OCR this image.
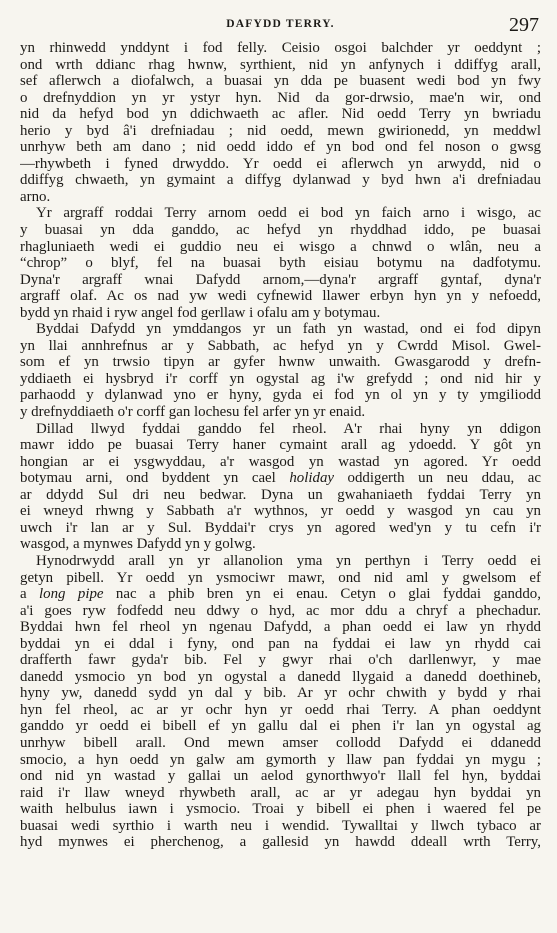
DAFYDD TERRY.	297
yn rhinwedd ynddynt i fod felly. Ceisio osgoi balchder yr oeddynt ;
ond wrth ddianc rhag hwnw, syrthient, nid yn anfynych i ddiffyg arall,
sef aflerwch a diofalwch, a buasai yn dda pe buasent wedi bod yn fwy
o drefnyddion yn yr ystyr hyn. Nid da gor-drwsio, mae'n wir, ond
nid da hefyd bod yn ddichwaeth ac afler. Nid oedd Terry yn bwriadu
herio y byd â'i drefniadau ; nid oedd, mewn gwirionedd, yn meddwl
unrhyw beth am dano ; nid oedd iddo ef yn bod ond fel noson o gwsg
—rhywbeth i fyned drwyddo. Yr oedd ei aflerwch yn arwydd, nid o
ddiffyg chwaeth, yn gymaint a diffyg dylanwad y byd hwn a'i drefniadau
arno.
Yr argraff roddai Terry arnom oedd ei bod yn faich arno i wisgo, ac
y buasai yn dda ganddo, ac hefyd yn rhyddhad iddo, pe buasai
rhagluniaeth wedi ei guddio neu ei wisgo a chnwd o wlân, neu a
“chrop” o blyf, fel na buasai byth eisiau botymu na dadfotymu.
Dyna'r argraff wnai Dafydd arnom,—dyna'r argraff gyntaf, dyna'r
argraff olaf. Ac os nad yw wedi cyfnewid llawer erbyn hyn yn y nefoedd,
bydd yn rhaid i ryw angel fod gerllaw i ofalu am y botymau.
Byddai Dafydd yn ymddangos yr un fath yn wastad, ond ei fod dipyn
yn llai annhrefnus ar y Sabbath, ac hefyd yn y Cwrdd Misol. Gwel-
som ef yn trwsio tipyn ar gyfer hwnw unwaith. Gwasgarodd y drefn-
yddiaeth ei hysbryd i'r corff yn ogystal ag i'w grefydd ; ond nid hir y
parhaodd y dylanwad yno er hyny, gyda ei fod yn ol yn y ty ymgiliodd
y drefnyddiaeth o'r corff gan lochesu fel arfer yn yr enaid.
Dillad llwyd fyddai ganddo fel rheol. A'r rhai hyny yn ddigon
mawr iddo pe buasai Terry haner cymaint arall ag ydoedd. Y gôt yn
hongian ar ei ysgwyddau, a'r wasgod yn wastad yn agored. Yr oedd
botymau arni, ond byddent yn cael holiday oddigerth un neu ddau, ac
ar ddydd Sul dri neu bedwar. Dyna un gwahaniaeth fyddai Terry yn
ei wneyd rhwng y Sabbath a'r wythnos, yr oedd y wasgod yn cau yn
uwch i'r lan ar y Sul. Byddai'r crys yn agored wed'yn y tu cefn i'r
wasgod, a mynwes Dafydd yn y golwg.
Hynodrwydd arall yn yr allanolion yma yn perthyn i Terry oedd ei
getyn pibell. Yr oedd yn ysmociwr mawr, ond nid aml y gwelsom ef
a long pipe nac a phib bren yn ei enau. Cetyn o glai fyddai ganddo,
a'i goes ryw fodfedd neu ddwy o hyd, ac mor ddu a chryf a phechadur.
Byddai hwn fel rheol yn ngenau Dafydd, a phan oedd ei law yn rhydd
byddai yn ei ddal i fyny, ond pan na fyddai ei law yn rhydd cai
drafferth fawr gyda'r bib. Fel y gwyr rhai o'ch darllenwyr, y mae
danedd ysmocio yn bod yn ogystal a danedd llygaid a danedd doethineb,
hyny yw, danedd sydd yn dal y bib. Ar yr ochr chwith y bydd y rhai
hyn fel rheol, ac ar yr ochr hyn yr oedd rhai Terry. A phan oeddynt
ganddo yr oedd ei bibell ef yn gallu dal ei phen i'r lan yn ogystal ag
unrhyw bibell arall. Ond mewn amser collodd Dafydd ei ddanedd
smocio, a hyn oedd yn galw am gymorth y llaw pan fyddai yn mygu ;
ond nid yn wastad y gallai un aelod gynorthwyo'r llall fel hyn, byddai
raid i'r llaw wneyd rhywbeth arall, ac ar yr adegau hyn byddai yn
waith helbulus iawn i ysmocio. Troai y bibell ei phen i waered fel pe
buasai wedi syrthio i warth neu i wendid. Tywalltai y llwch tybaco ar
hyd mynwes ei pherchenog, a gallesid yn hawdd ddeall wrth Terry,
